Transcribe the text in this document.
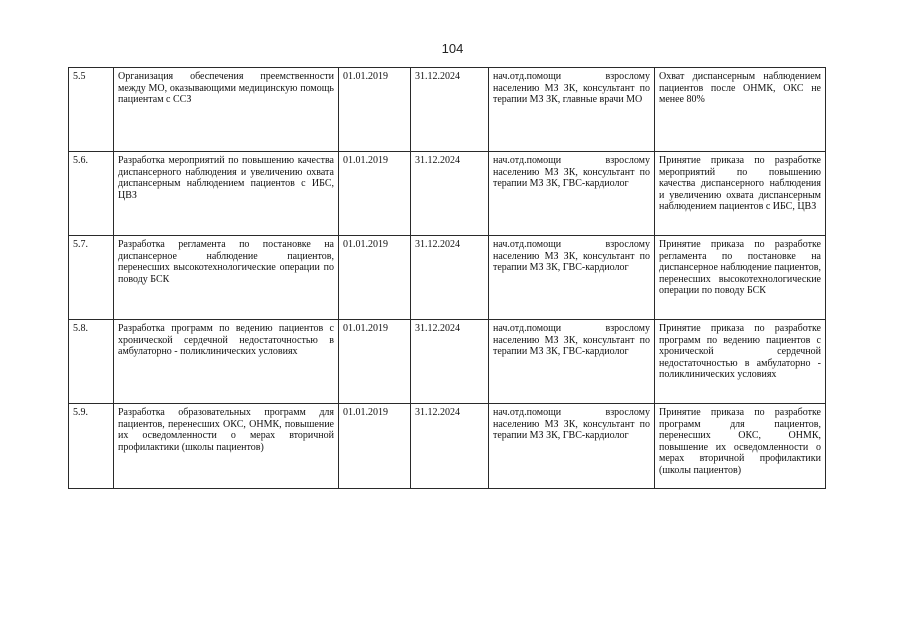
104
5.5	Организация обеспечения преемственности между МО, оказывающими медицинскую помощь пациентам с ССЗ	01.01.2019	31.12.2024	нач.отд.помощи взрослому населению МЗ ЗК, консультант по терапии МЗ ЗК, главные врачи МО	Охват диспансерным наблюдением пациентов после ОНМК, ОКС не менее 80%
5.6.	Разработка мероприятий по повышению качества диспансерного наблюдения и увеличению охвата диспансерным наблюдением пациентов с ИБС, ЦВЗ	01.01.2019	31.12.2024	нач.отд.помощи взрослому населению МЗ ЗК, консультант по терапии МЗ ЗК, ГВС-кардиолог	Принятие приказа по разработке мероприятий по повышению качества диспансерного наблюдения и увеличению охвата диспансерным наблюдением пациентов с ИБС, ЦВЗ
5.7.	Разработка регламента по постановке на диспансерное наблюдение пациентов, перенесших высокотехнологические операции по поводу БСК	01.01.2019	31.12.2024	нач.отд.помощи взрослому населению МЗ ЗК, консультант по терапии МЗ ЗК, ГВС-кардиолог	Принятие приказа по разработке регламента по постановке на диспансерное наблюдение пациентов, перенесших высокотехнологические операции по поводу БСК
5.8.	Разработка программ по ведению пациентов с хронической сердечной недостаточностью в амбулаторно - поликлинических условиях	01.01.2019	31.12.2024	нач.отд.помощи взрослому населению МЗ ЗК, консультант по терапии МЗ ЗК, ГВС-кардиолог	Принятие приказа по разработке программ по ведению пациентов с хронической сердечной недостаточностью в амбулаторно - поликлинических условиях
5.9.	Разработка образовательных программ для пациентов, перенесших ОКС, ОНМК, повышение их осведомленности о мерах вторичной профилактики (школы пациентов)	01.01.2019	31.12.2024	нач.отд.помощи взрослому населению МЗ ЗК, консультант по терапии МЗ ЗК, ГВС-кардиолог	Принятие приказа по разработке программ для пациентов, перенесших ОКС, ОНМК, повышение их осведомленности о мерах вторичной профилактики (школы пациентов)
